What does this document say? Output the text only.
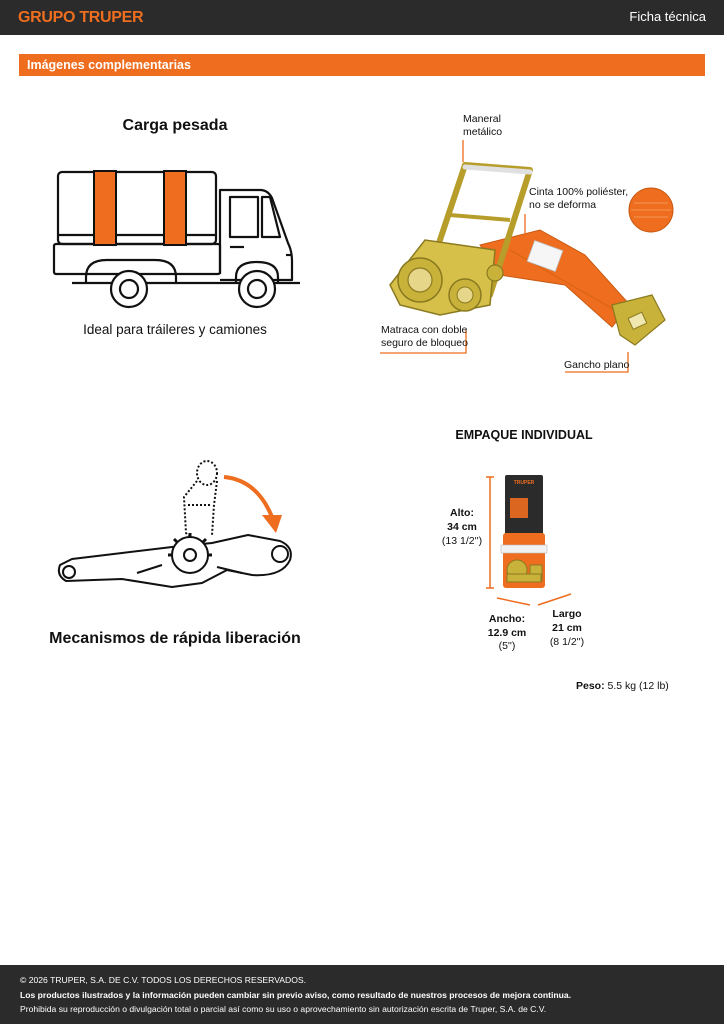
GRUPO TRUPER	Ficha técnica
Imágenes complementarias
Carga pesada
Ideal para tráileres y camiones
Maneral
metálico
Cinta 100% poliéster,
no se deforma
Matraca con doble
seguro de bloqueo
Gancho plano
Mecanismos de rápida liberación
EMPAQUE INDIVIDUAL
TRUPER
Alto:
34 cm
(13 1/2'')
Ancho:
12.9 cm
(5'')
Largo
21 cm
(8 1/2'')
Peso: 5.5 kg (12 lb)
© 2026 TRUPER, S.A. DE C.V. TODOS LOS DERECHOS RESERVADOS.
Los productos ilustrados y la información pueden cambiar sin previo aviso, como resultado de nuestros procesos de mejora continua.
Prohibida su reproducción o divulgación total o parcial así como su uso o aprovechamiento sin autorización escrita de Truper, S.A. de C.V.
